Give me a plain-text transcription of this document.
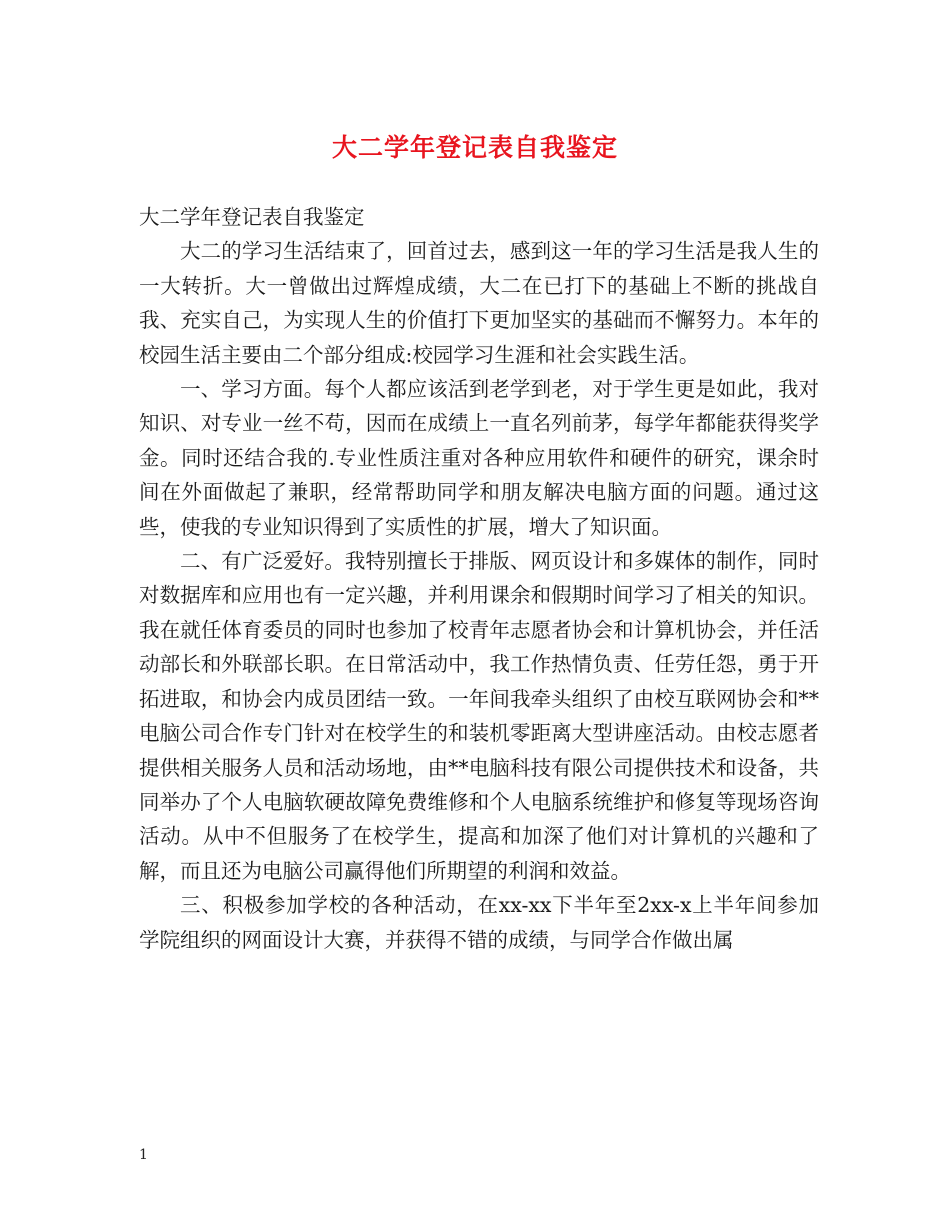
大二学年登记表自我鉴定

大二学年登记表自我鉴定

大二的学习生活结束了，回首过去，感到这一年的学习生活是我人生的一大转折。大一曾做出过辉煌成绩，大二在已打下的基础上不断的挑战自我、充实自己，为实现人生的价值打下更加坚实的基础而不懈努力。本年的校园生活主要由二个部分组成:校园学习生涯和社会实践生活。

一、学习方面。每个人都应该活到老学到老，对于学生更是如此，我对知识、对专业一丝不苟，因而在成绩上一直名列前茅，每学年都能获得奖学金。同时还结合我的.专业性质注重对各种应用软件和硬件的研究，课余时间在外面做起了兼职，经常帮助同学和朋友解决电脑方面的问题。通过这些，使我的专业知识得到了实质性的扩展，增大了知识面。

二、有广泛爱好。我特别擅长于排版、网页设计和多媒体的制作，同时对数据库和应用也有一定兴趣，并利用课余和假期时间学习了相关的知识。我在就任体育委员的同时也参加了校青年志愿者协会和计算机协会，并任活动部长和外联部长职。在日常活动中，我工作热情负责、任劳任怨，勇于开拓进取，和协会内成员团结一致。一年间我牵头组织了由校互联网协会和**电脑公司合作专门针对在校学生的和装机零距离大型讲座活动。由校志愿者提供相关服务人员和活动场地，由**电脑科技有限公司提供技术和设备，共同举办了个人电脑软硬故障免费维修和个人电脑系统维护和修复等现场咨询活动。从中不但服务了在校学生，提高和加深了他们对计算机的兴趣和了解，而且还为电脑公司赢得他们所期望的利润和效益。

三、积极参加学校的各种活动，在xx-xx下半年至2xx-x上半年间参加学院组织的网面设计大赛，并获得不错的成绩，与同学合作做出属

1
